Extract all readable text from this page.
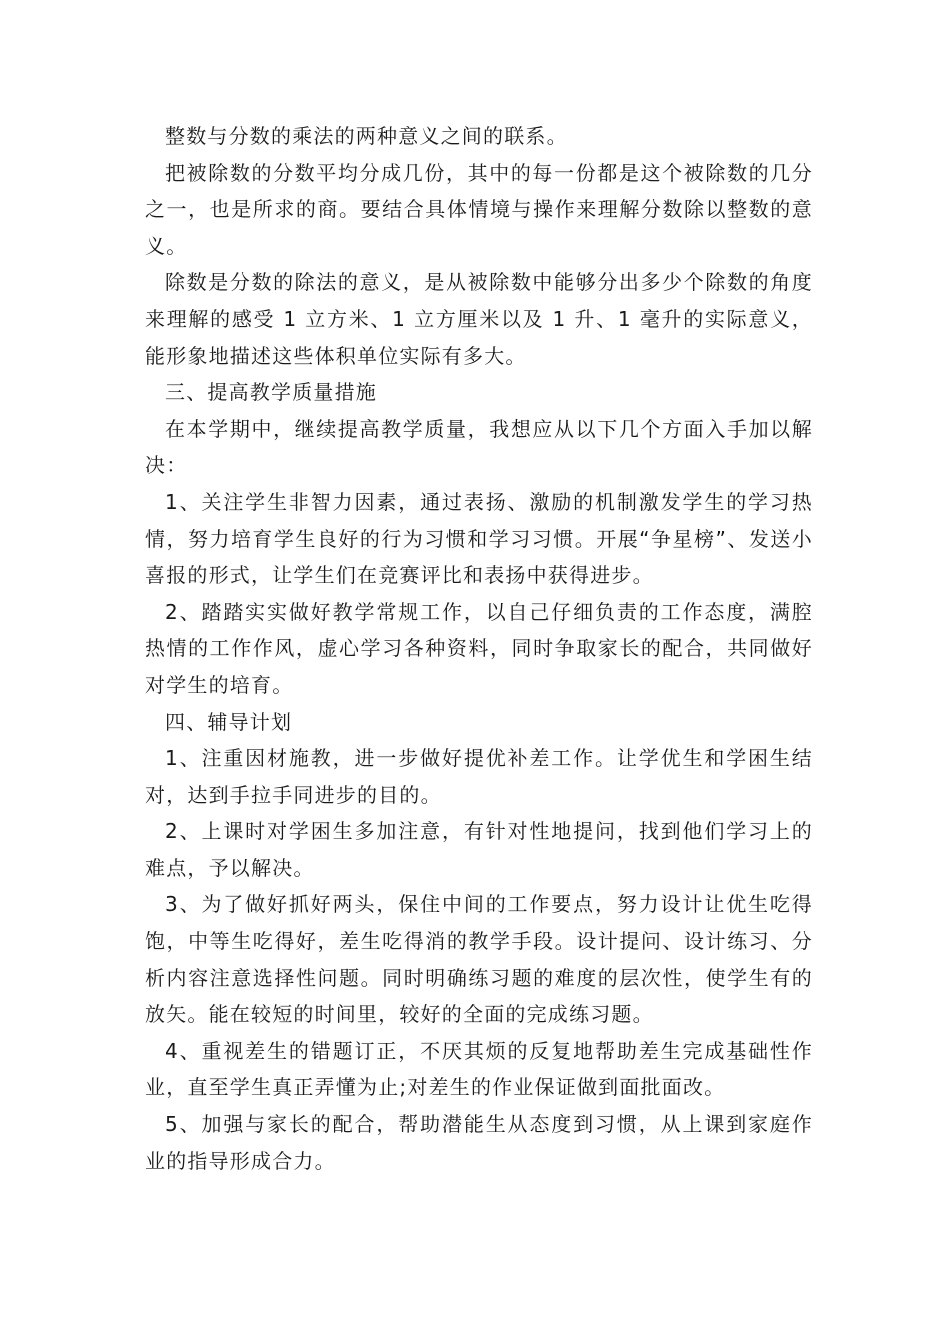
整数与分数的乘法的两种意义之间的联系。

把被除数的分数平均分成几份，其中的每一份都是这个被除数的几分之一，也是所求的商。要结合具体情境与操作来理解分数除以整数的意义。

除数是分数的除法的意义，是从被除数中能够分出多少个除数的角度来理解的感受 1 立方米、1 立方厘米以及 1 升、1 毫升的实际意义，能形象地描述这些体积单位实际有多大。

三、提高教学质量措施

在本学期中，继续提高教学质量，我想应从以下几个方面入手加以解决：

1、关注学生非智力因素，通过表扬、激励的机制激发学生的学习热情，努力培育学生良好的行为习惯和学习习惯。开展“争星榜”、发送小喜报的形式，让学生们在竞赛评比和表扬中获得进步。

2、踏踏实实做好教学常规工作，以自己仔细负责的工作态度，满腔热情的工作作风，虚心学习各种资料，同时争取家长的配合，共同做好对学生的培育。

四、辅导计划

1、注重因材施教，进一步做好提优补差工作。让学优生和学困生结对，达到手拉手同进步的目的。

2、上课时对学困生多加注意，有针对性地提问，找到他们学习上的难点，予以解决。

3、为了做好抓好两头，保住中间的工作要点，努力设计让优生吃得饱，中等生吃得好，差生吃得消的教学手段。设计提问、设计练习、分析内容注意选择性问题。同时明确练习题的难度的层次性，使学生有的放矢。能在较短的时间里，较好的全面的完成练习题。

4、重视差生的错题订正，不厌其烦的反复地帮助差生完成基础性作业，直至学生真正弄懂为止;对差生的作业保证做到面批面改。

5、加强与家长的配合，帮助潜能生从态度到习惯，从上课到家庭作业的指导形成合力。
